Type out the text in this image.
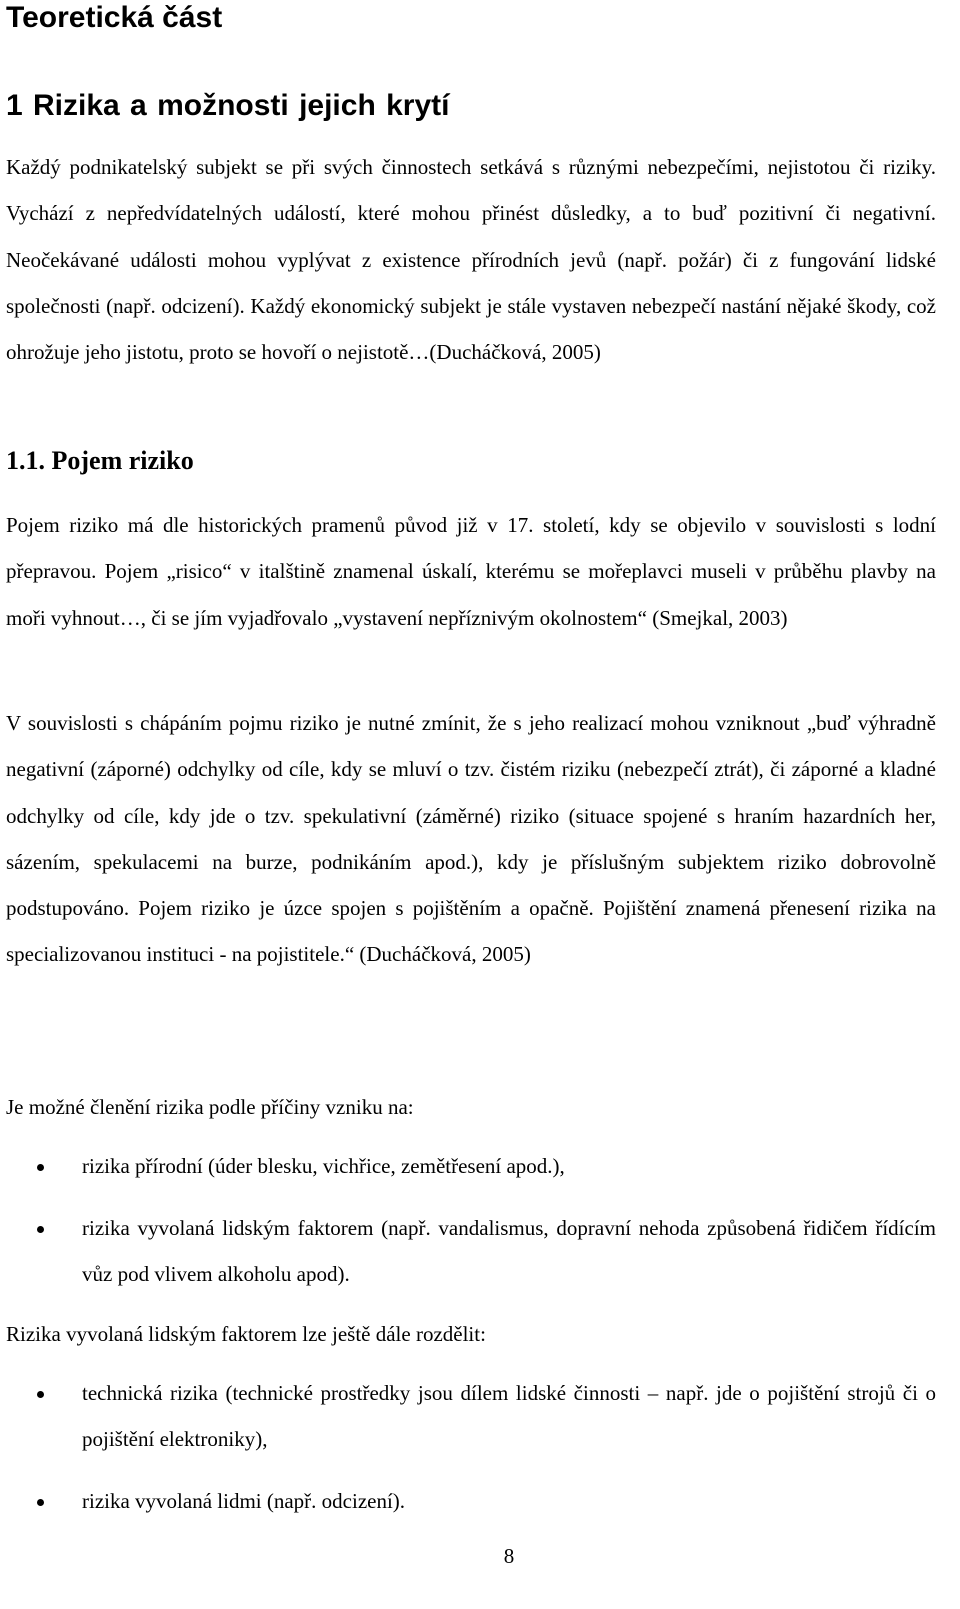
Teoretická část
1 Rizika a možnosti jejich krytí

Každý podnikatelský subjekt se při svých činnostech setkává s různými nebezpečími, nejistotou či riziky. Vychází z nepředvídatelných událostí, které mohou přinést důsledky, a to buď pozitivní či negativní. Neočekávané události mohou vyplývat z existence přírodních jevů (např. požár) či z fungování lidské společnosti (např. odcizení). Každý ekonomický subjekt je stále vystaven nebezpečí nastání nějaké škody, což ohrožuje jeho jistotu, proto se hovoří o nejistotě…(Ducháčková, 2005)

1.1. Pojem riziko

Pojem riziko má dle historických pramenů původ již v 17. století, kdy se objevilo v souvislosti s lodní přepravou. Pojem „risico“ v italštině znamenal úskalí, kterému se mořeplavci museli v průběhu plavby na moři vyhnout…, či se jím vyjadřovalo „vystavení nepříznivým okolnostem“ (Smejkal, 2003)

V souvislosti s chápáním pojmu riziko je nutné zmínit, že s jeho realizací mohou vzniknout „buď výhradně negativní (záporné) odchylky od cíle, kdy se mluví o tzv. čistém riziku (nebezpečí ztrát), či záporné a kladné odchylky od cíle, kdy jde o tzv. spekulativní (záměrné) riziko (situace spojené s hraním hazardních her, sázením, spekulacemi na burze, podnikáním apod.), kdy je příslušným subjektem riziko dobrovolně podstupováno. Pojem riziko je úzce spojen s pojištěním a opačně. Pojištění znamená přenesení rizika na specializovanou instituci - na pojistitele.“ (Ducháčková, 2005)

Je možné členění rizika podle příčiny vzniku na:

rizika přírodní (úder blesku, vichřice, zemětřesení apod.),

rizika vyvolaná lidským faktorem (např. vandalismus, dopravní nehoda způsobená řidičem řídícím vůz pod vlivem alkoholu apod).

Rizika vyvolaná lidským faktorem lze ještě dále rozdělit:

technická rizika (technické prostředky jsou dílem lidské činnosti – např. jde o pojištění strojů či o pojištění elektroniky),

rizika vyvolaná lidmi (např. odcizení).

8
